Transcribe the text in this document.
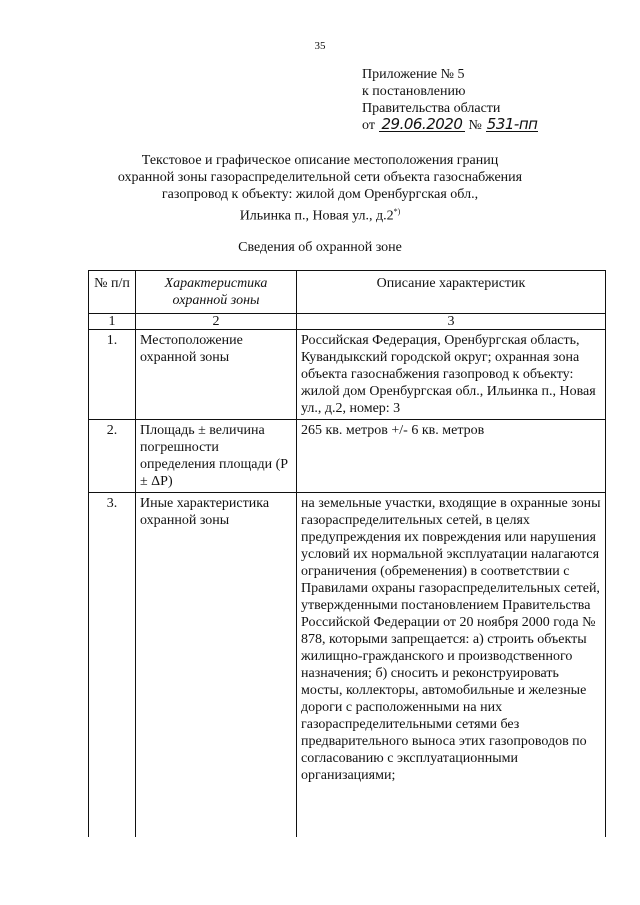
35
Приложение № 5
к постановлению
Правительства области
от 29.06.2020 № 531-пп
Текстовое и графическое описание местоположения границ
охранной зоны газораспределительной сети объекта газоснабжения
газопровод к объекту: жилой дом Оренбургская обл.,
Ильинка п., Новая ул., д.2*)
Сведения об охранной зоне
№ п/п	Характеристика охранной зоны	Описание характеристик
1	2	3
1.	Местоположение охранной зоны	Российская Федерация, Оренбургская область, Кувандыкский городской округ; охранная зона объекта газоснабжения газопровод к объекту: жилой дом Оренбургская обл., Ильинка п., Новая ул., д.2, номер: 3
2.	Площадь ± величина погрешности определения площади (P ± ΔP)	265 кв. метров +/- 6 кв. метров
3.	Иные характеристика охранной зоны	на земельные участки, входящие в охранные зоны газораспределительных сетей, в целях предупреждения их повреждения или нарушения условий их нормальной эксплуатации налагаются ограничения (обременения) в соответствии с Правилами охраны газораспределительных сетей, утвержденными постановлением Правительства Российской Федерации от 20 ноября 2000 года № 878, которыми запрещается: а) строить объекты жилищно-гражданского и производственного назначения; б) сносить и реконструировать мосты, коллекторы, автомобильные и железные дороги с расположенными на них газораспределительными сетями без предварительного выноса этих газопроводов по согласованию с эксплуатационными организациями;
